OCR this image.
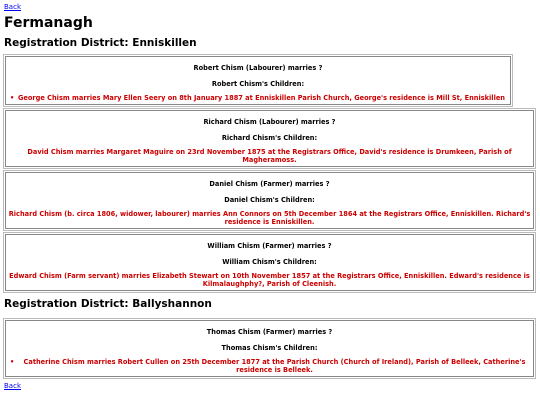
Back
Fermanagh
Registration District: Enniskillen

Robert Chism (Labourer) marries ?

Robert Chism's Children:

• George Chism marries Mary Ellen Seery on 8th January 1887 at Enniskillen Parish Church, George's residence is Mill St, Enniskillen

Richard Chism (Labourer) marries ?

Richard Chism's Children:

David Chism marries Margaret Maguire on 23rd November 1875 at the Registrars Office, David's residence is Drumkeen, Parish of Magheramoss.

Daniel Chism (Farmer) marries ?

Daniel Chism's Children:

Richard Chism (b. circa 1806, widower, labourer) marries Ann Connors on 5th December 1864 at the Registrars Office, Enniskillen. Richard's residence is Enniskillen.

William Chism (Farmer) marries ?

William Chism's Children:

Edward Chism (Farm servant) marries Elizabeth Stewart on 10th November 1857 at the Registrars Office, Enniskillen. Edward's residence is Kilmalaughphy?, Parish of Cleenish.

Registration District: Ballyshannon

Thomas Chism (Farmer) marries ?

Thomas Chism's Children:

• Catherine Chism marries Robert Cullen on 25th December 1877 at the Parish Church (Church of Ireland), Parish of Belleek, Catherine's residence is Belleek.
Back
